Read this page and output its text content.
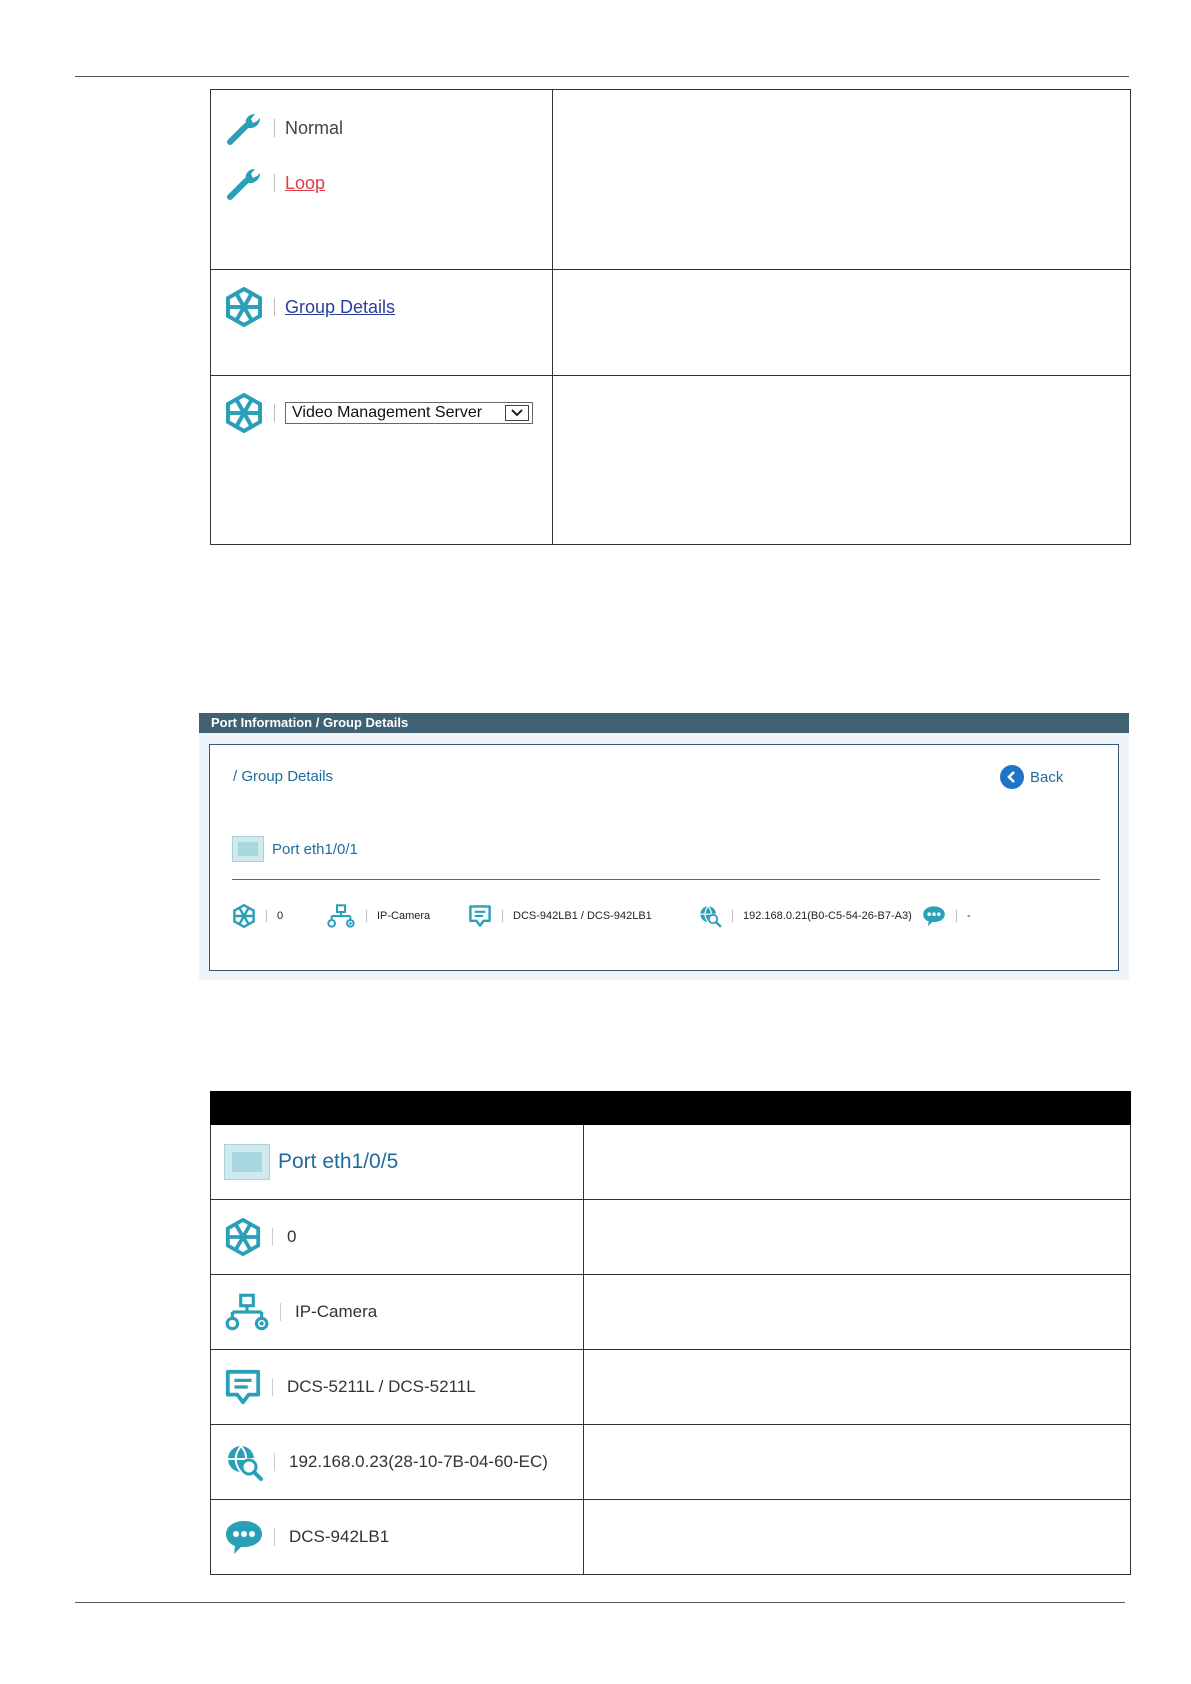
Normal
Loop	

Group Details	

Video Management Server	

Port Information / Group Details
/ Group Details	Back
Port eth1/0/1
0	IP-Camera	DCS-942LB1 / DCS-942LB1	192.168.0.21(B0-C5-54-26-B7-A3)	-

Port eth1/0/5	

0	

IP-Camera	

DCS-5211L / DCS-5211L	

192.168.0.23(28-10-7B-04-60-EC)	

DCS-942LB1	
